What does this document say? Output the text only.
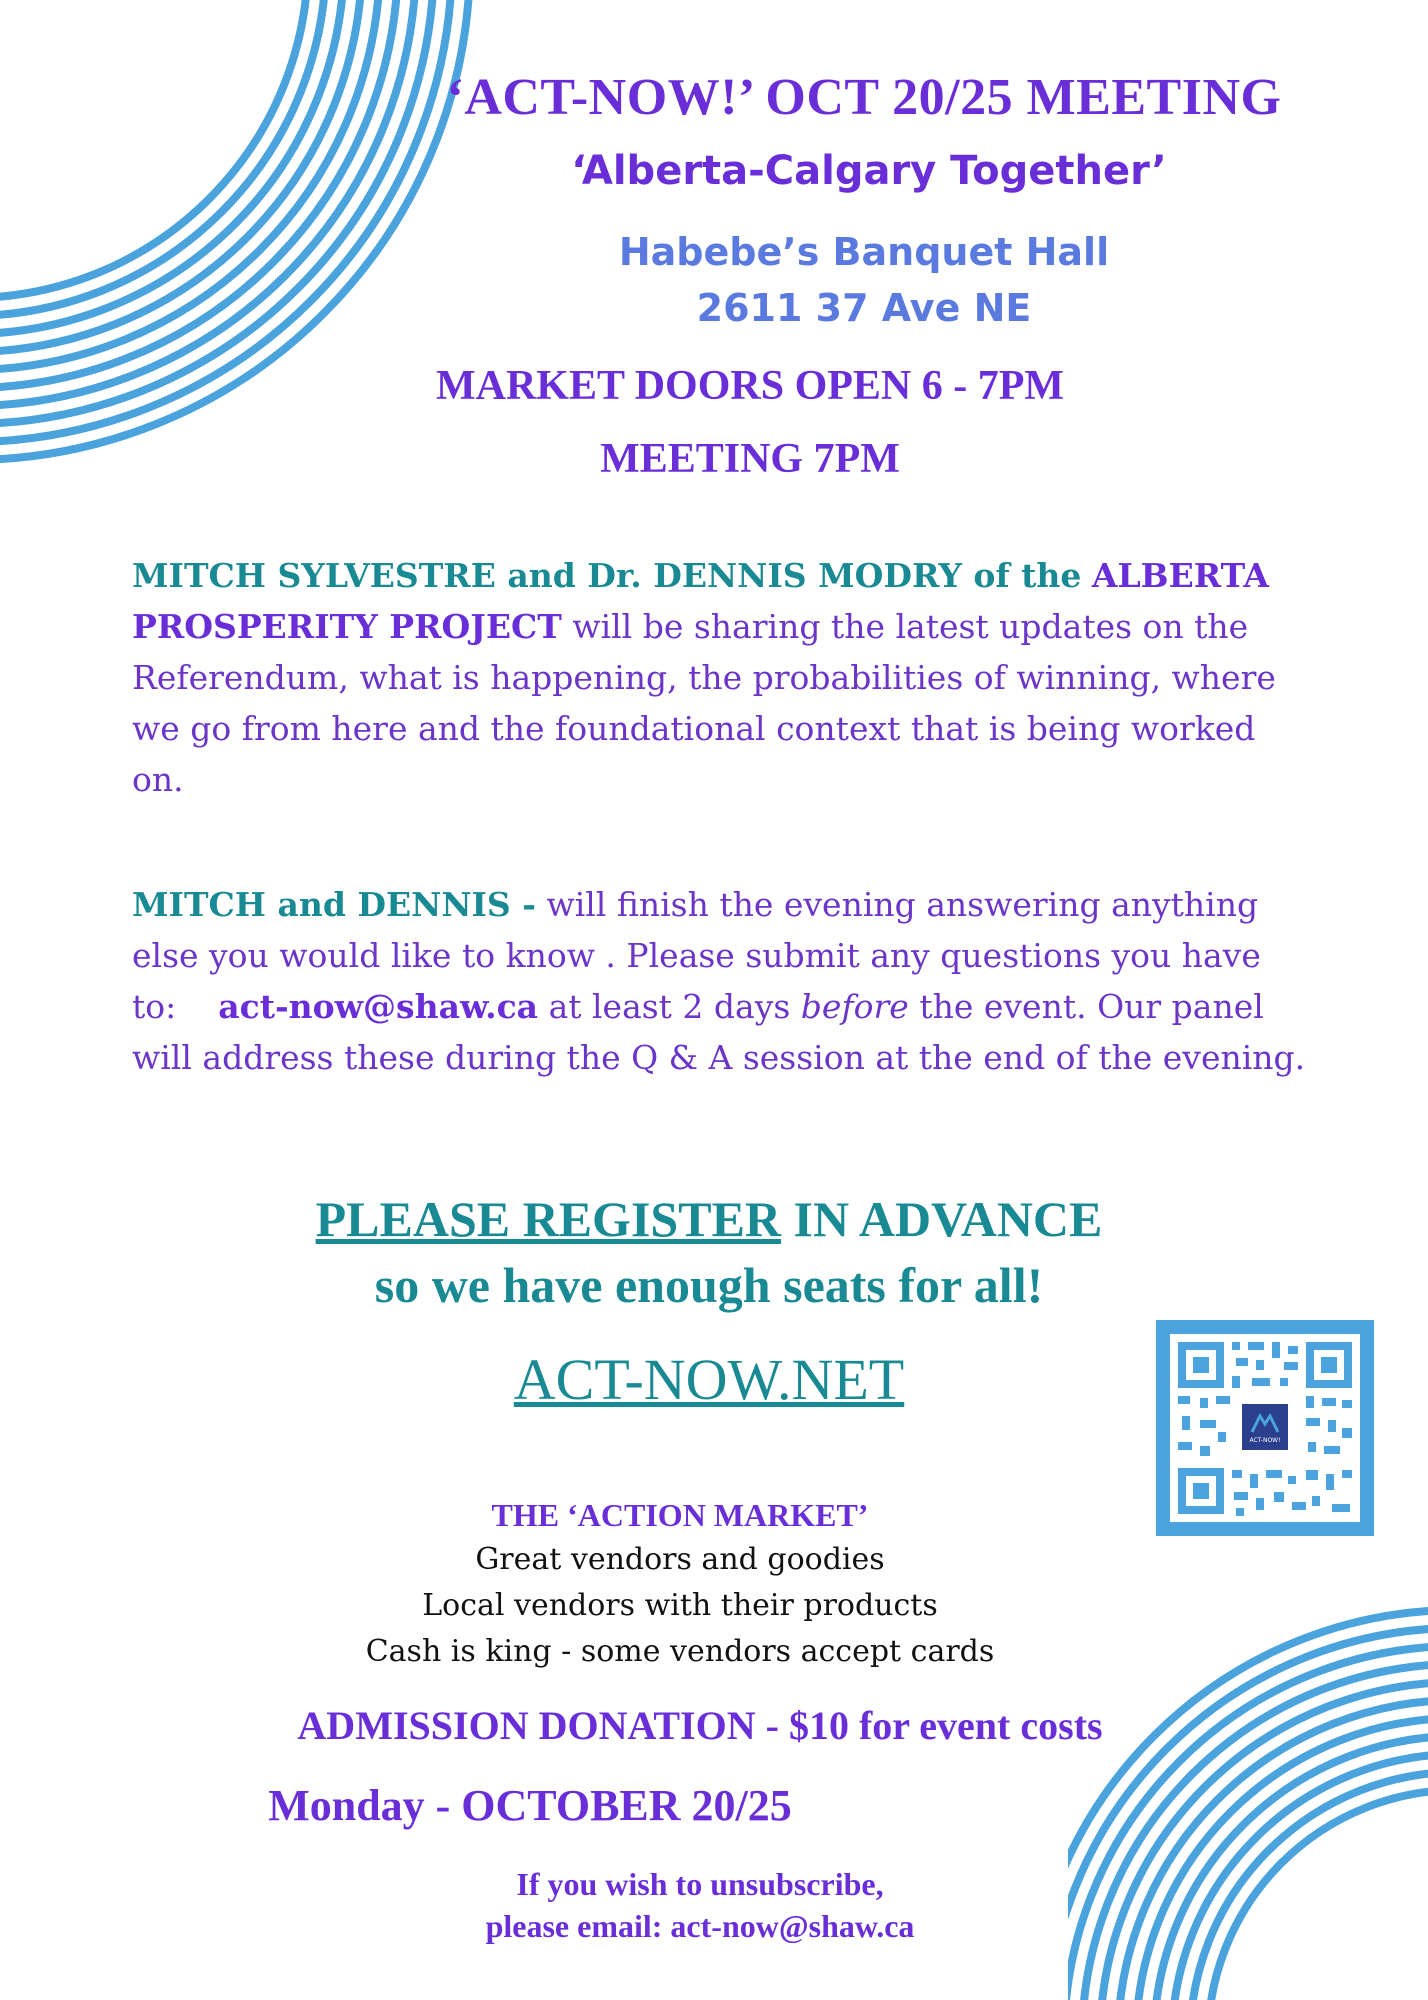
‘ACT-NOW!’ OCT 20/25 MEETING
‘Alberta-Calgary Together’
Habebe’s Banquet Hall
2611 37 Ave NE
MARKET DOORS OPEN 6 - 7PM
MEETING 7PM
MITCH SYLVESTRE and Dr. DENNIS MODRY of the ALBERTA PROSPERITY PROJECT will be sharing the latest updates on the Referendum, what is happening, the probabilities of winning, where we go from here and the foundational context that is being worked on.
MITCH and DENNIS - will finish the evening answering anything else you would like to know . Please submit any questions you have to: act-now@shaw.ca at least 2 days before the event. Our panel will address these during the Q & A session at the end of the evening.
PLEASE REGISTER IN ADVANCE
so we have enough seats for all!
ACT-NOW.NET
ACT-NOW!
THE ‘ACTION MARKET’
Great vendors and goodies
Local vendors with their products
Cash is king - some vendors accept cards
ADMISSION DONATION - $10 for event costs
Monday - OCTOBER 20/25
If you wish to unsubscribe,
please email: act-now@shaw.ca
